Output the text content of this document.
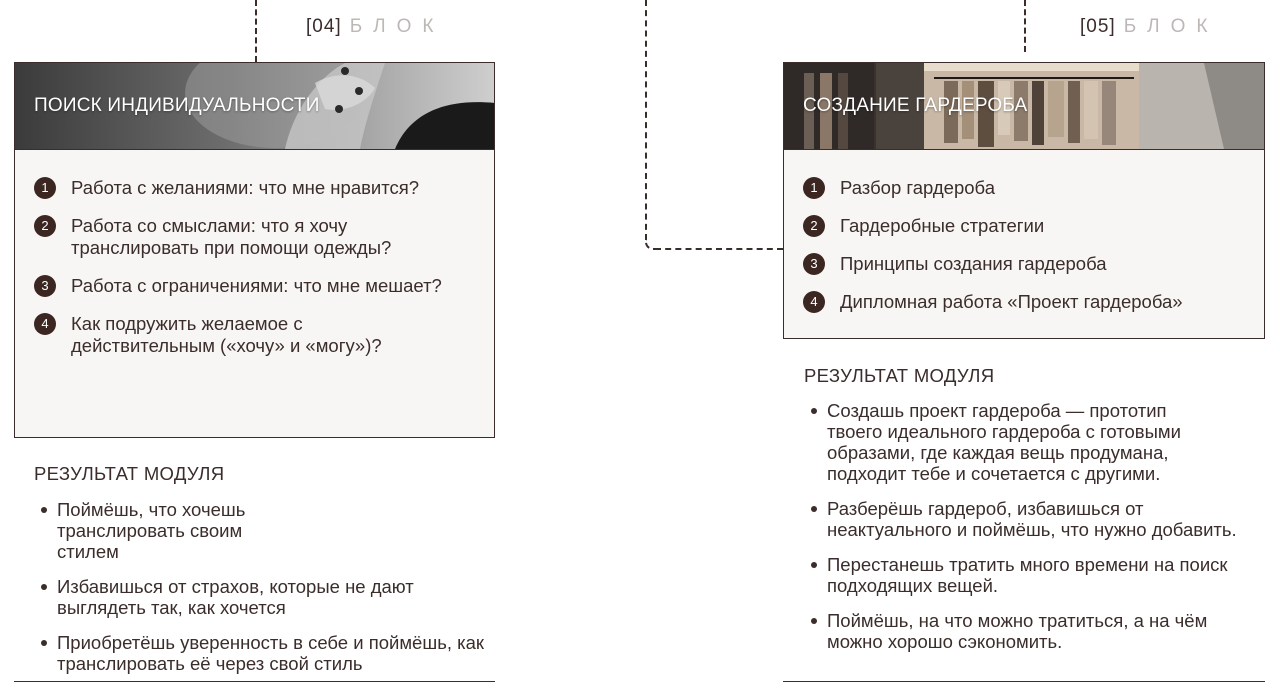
[04] БЛОК
ПОИСК ИНДИВИДУАЛЬНОСТИ
1	Работа с желаниями: что мне нравится?
2	Работа со смыслами: что я хочу транслировать при помощи одежды?
3	Работа с ограничениями: что мне мешает?
4	Как подружить желаемое с действительным («хочу» и «могу»)?
РЕЗУЛЬТАТ МОДУЛЯ
Поймёшь, что хочешь транслировать своим стилем
Избавишься от страхов, которые не дают выглядеть так, как хочется
Приобретёшь уверенность в себе и поймёшь, как транслировать её через свой стиль
[05] БЛОК
СОЗДАНИЕ ГАРДЕРОБА
1	Разбор гардероба
2	Гардеробные стратегии
3	Принципы создания гардероба
4	Дипломная работа «Проект гардероба»
РЕЗУЛЬТАТ МОДУЛЯ
Создашь проект гардероба — прототип твоего идеального гардероба с готовыми образами, где каждая вещь продумана, подходит тебе и сочетается с другими.
Разберёшь гардероб, избавишься от неактуального и поймёшь, что нужно добавить.
Перестанешь тратить много времени на поиск подходящих вещей.
Поймёшь, на что можно тратиться, а на чём можно хорошо сэкономить.
